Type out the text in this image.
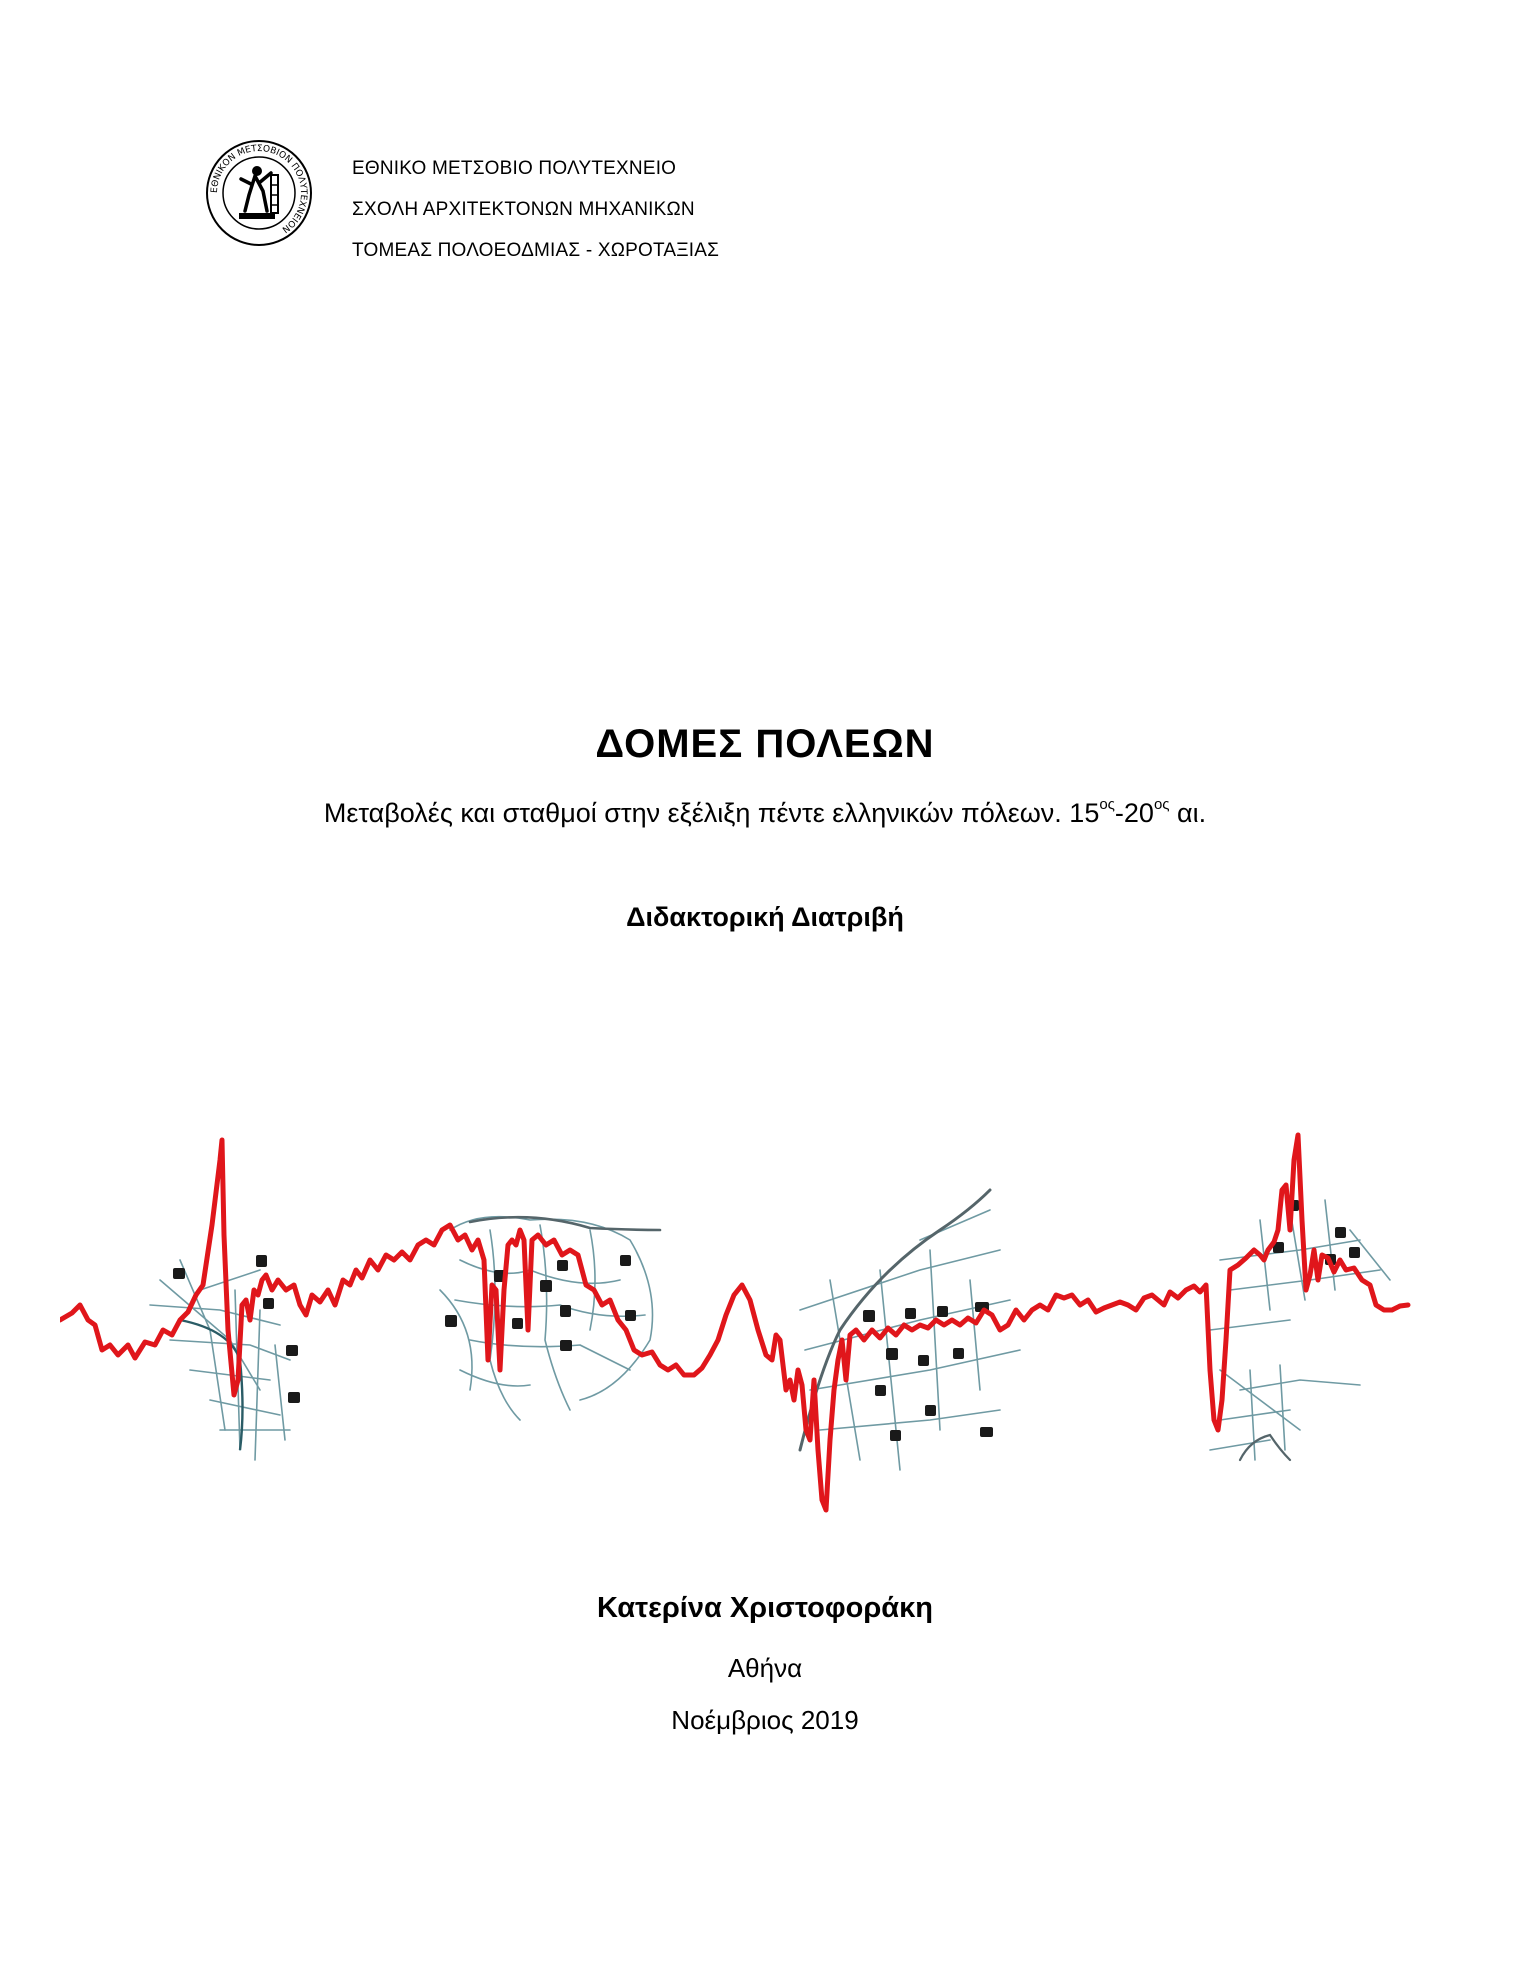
ΕΘΝΙΚΟΝ ΜΕΤΣΟΒΙΟΝ ΠΟΛΥΤΕΧΝΕΙΟΝ
ΕΘΝΙΚΟ ΜΕΤΣΟΒΙΟ ΠΟΛΥΤΕΧΝΕΙΟ
ΣΧΟΛΗ ΑΡΧΙΤΕΚΤΟΝΩΝ ΜΗΧΑΝΙΚΩΝ
ΤΟΜΕΑΣ ΠΟΛΟΕΟΔΜΙΑΣ - ΧΩΡΟΤΑΞΙΑΣ
ΔΟΜΕΣ ΠΟΛΕΩΝ
Μεταβολές και σταθμοί στην εξέλιξη πέντε ελληνικών πόλεων. $15^{o\varsigma}-20^{o\varsigma}$ αι.
Διδακτορική Διατριβή
Κατερίνα Χριστοφοράκη
Αθήνα
Νοέμβριος 2019
